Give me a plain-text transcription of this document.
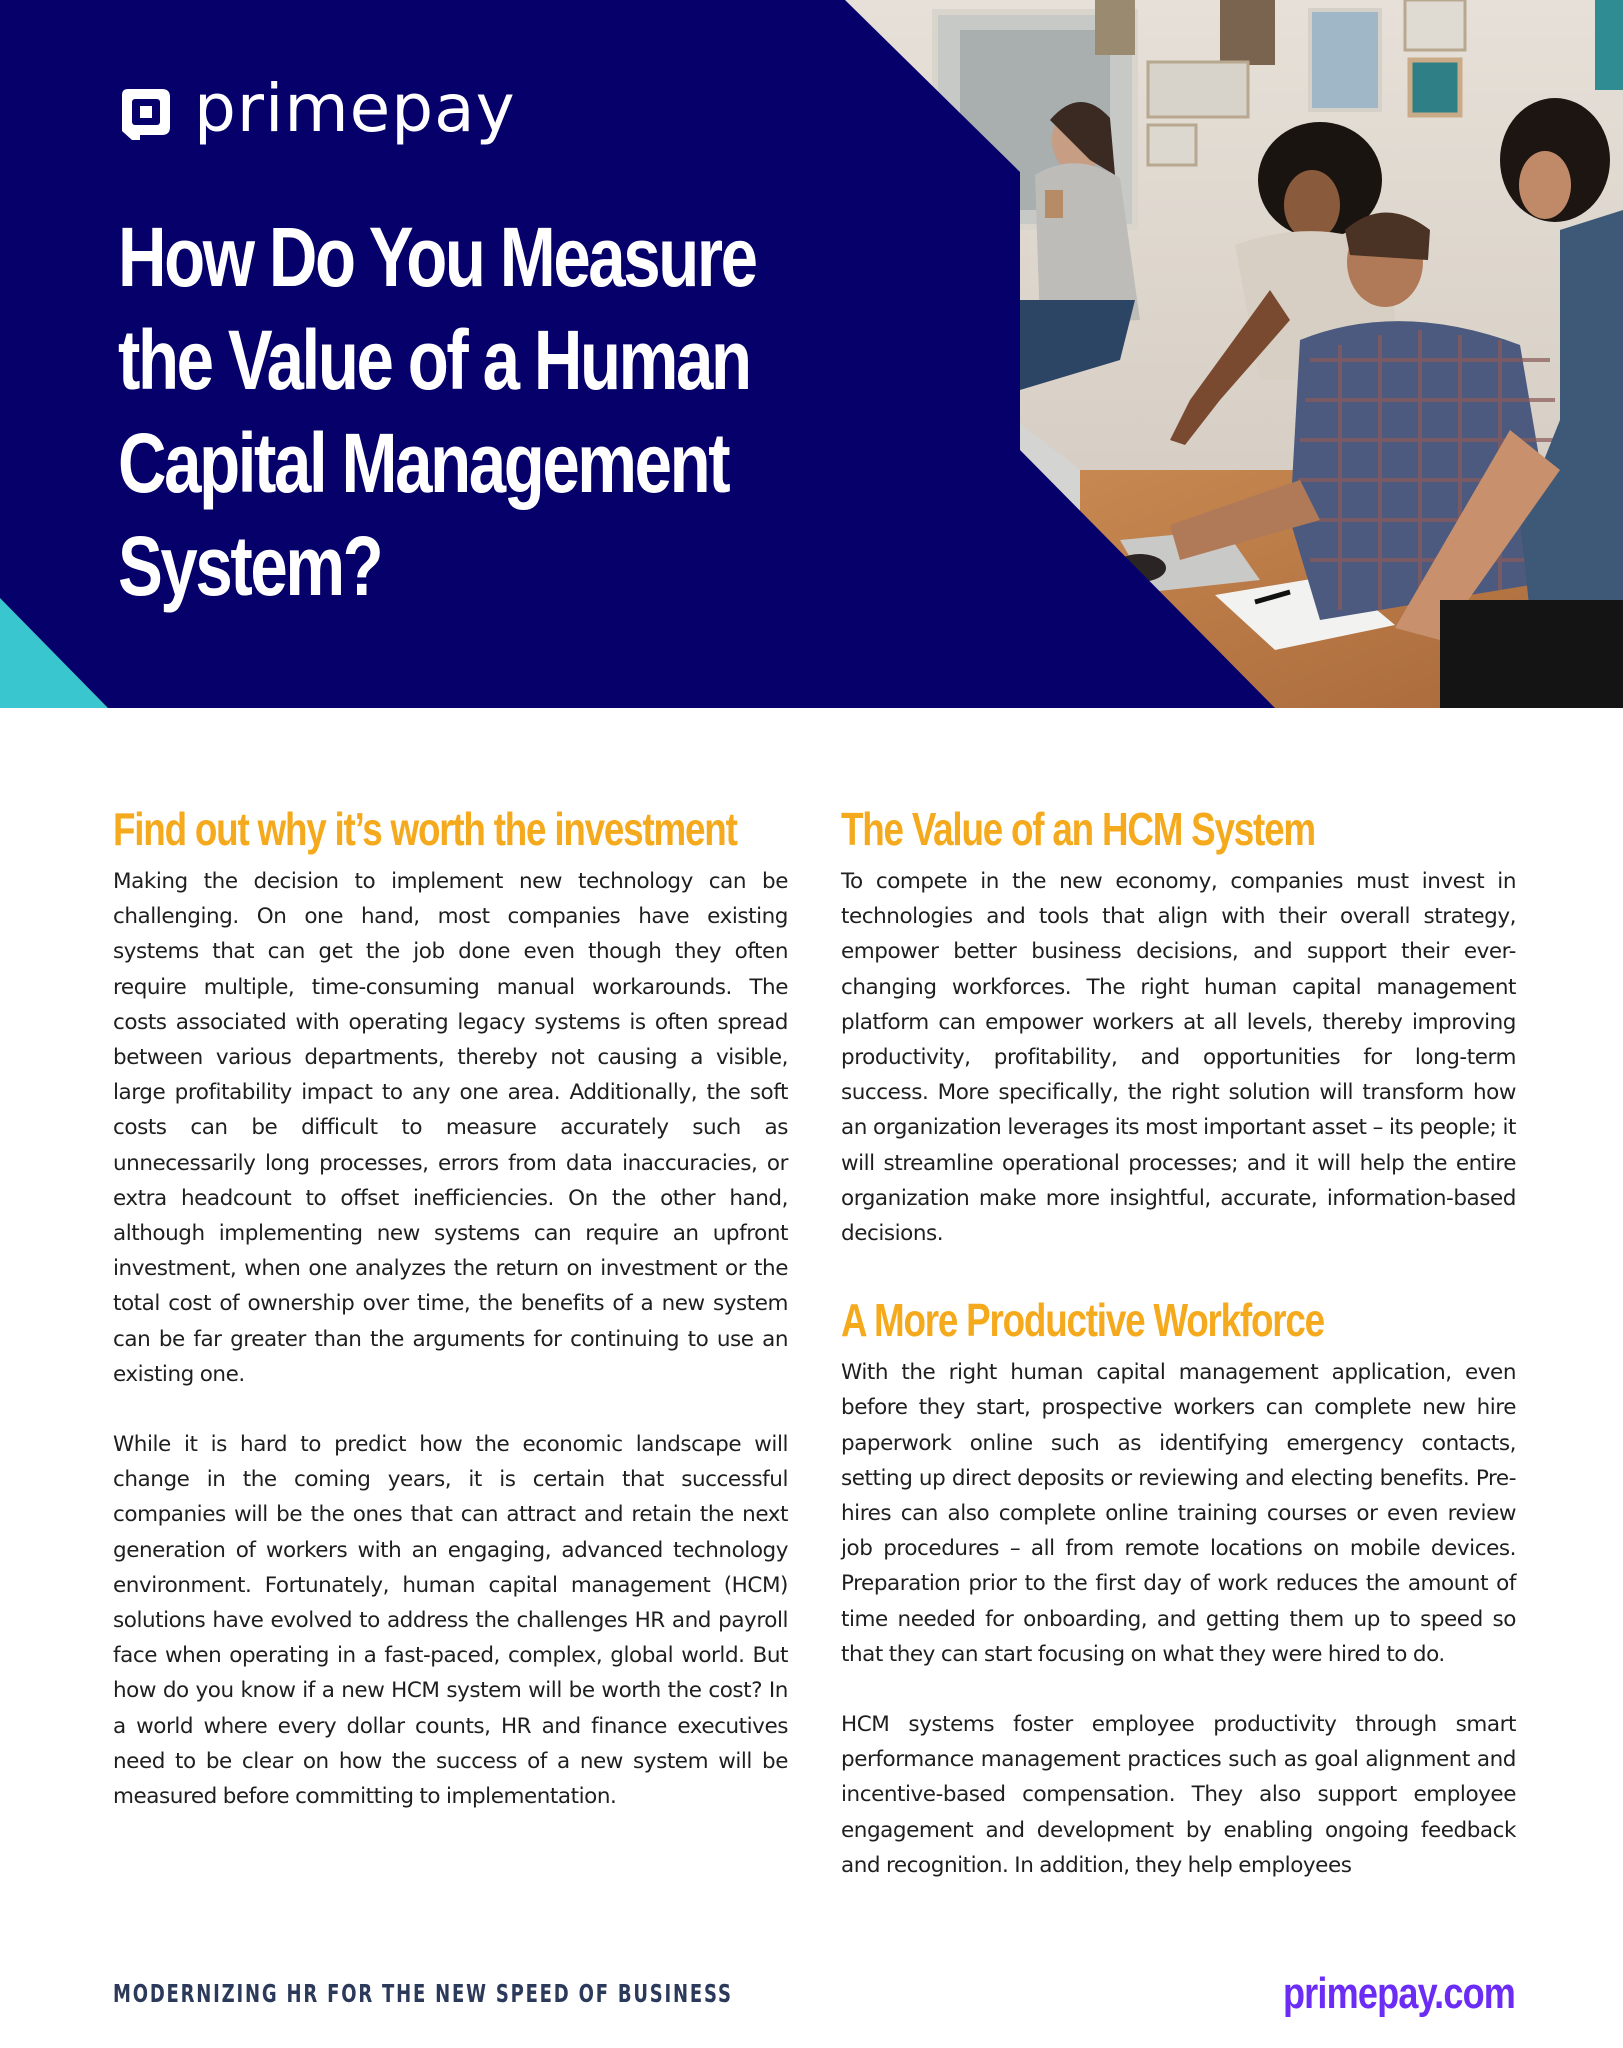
primepay
How Do You Measure
the Value of a Human
Capital Management
System?
Find out why it’s worth the investment

Making the decision to implement new technology can be challenging. On one hand, most companies have existing systems that can get the job done even though they often require multiple, time-consuming manual workarounds. The costs associated with operating legacy systems is often spread between various departments, thereby not causing a visible, large profitability impact to any one area. Additionally, the soft costs can be difficult to measure accurately such as unnecessarily long processes, errors from data inaccuracies, or extra headcount to offset inefficiencies. On the other hand, although implementing new systems can require an upfront investment, when one analyzes the return on investment or the total cost of ownership over time, the benefits of a new system can be far greater than the arguments for continuing to use an existing one.

While it is hard to predict how the economic landscape will change in the coming years, it is certain that successful companies will be the ones that can attract and retain the next generation of workers with an engaging, advanced technology environment. Fortunately, human capital management (HCM) solutions have evolved to address the challenges HR and payroll face when operating in a fast-paced, complex, global world. But how do you know if a new HCM system will be worth the cost? In a world where every dollar counts, HR and finance executives need to be clear on how the success of a new system will be measured before committing to implementation.

The Value of an HCM System

To compete in the new economy, companies must invest in technologies and tools that align with their overall strategy, empower better business decisions, and support their ever-changing workforces. The right human capital management platform can empower workers at all levels, thereby improving productivity, profitability, and opportunities for long-term success. More specifically, the right solution will transform how an organization leverages its most important asset – its people; it will streamline operational processes; and it will help the entire organization make more insightful, accurate, information-based decisions.

A More Productive Workforce

With the right human capital management application, even before they start, prospective workers can complete new hire paperwork online such as identifying emergency contacts, setting up direct deposits or reviewing and electing benefits. Pre-hires can also complete online training courses or even review job procedures – all from remote locations on mobile devices. Preparation prior to the first day of work reduces the amount of time needed for onboarding, and getting them up to speed so that they can start focusing on what they were hired to do.

HCM systems foster employee productivity through smart performance management practices such as goal alignment and incentive-based compensation. They also support employee engagement and development by enabling ongoing feedback and recognition. In addition, they help employees

MODERNIZING HR FOR THE NEW SPEED OF BUSINESS	primepay.com
